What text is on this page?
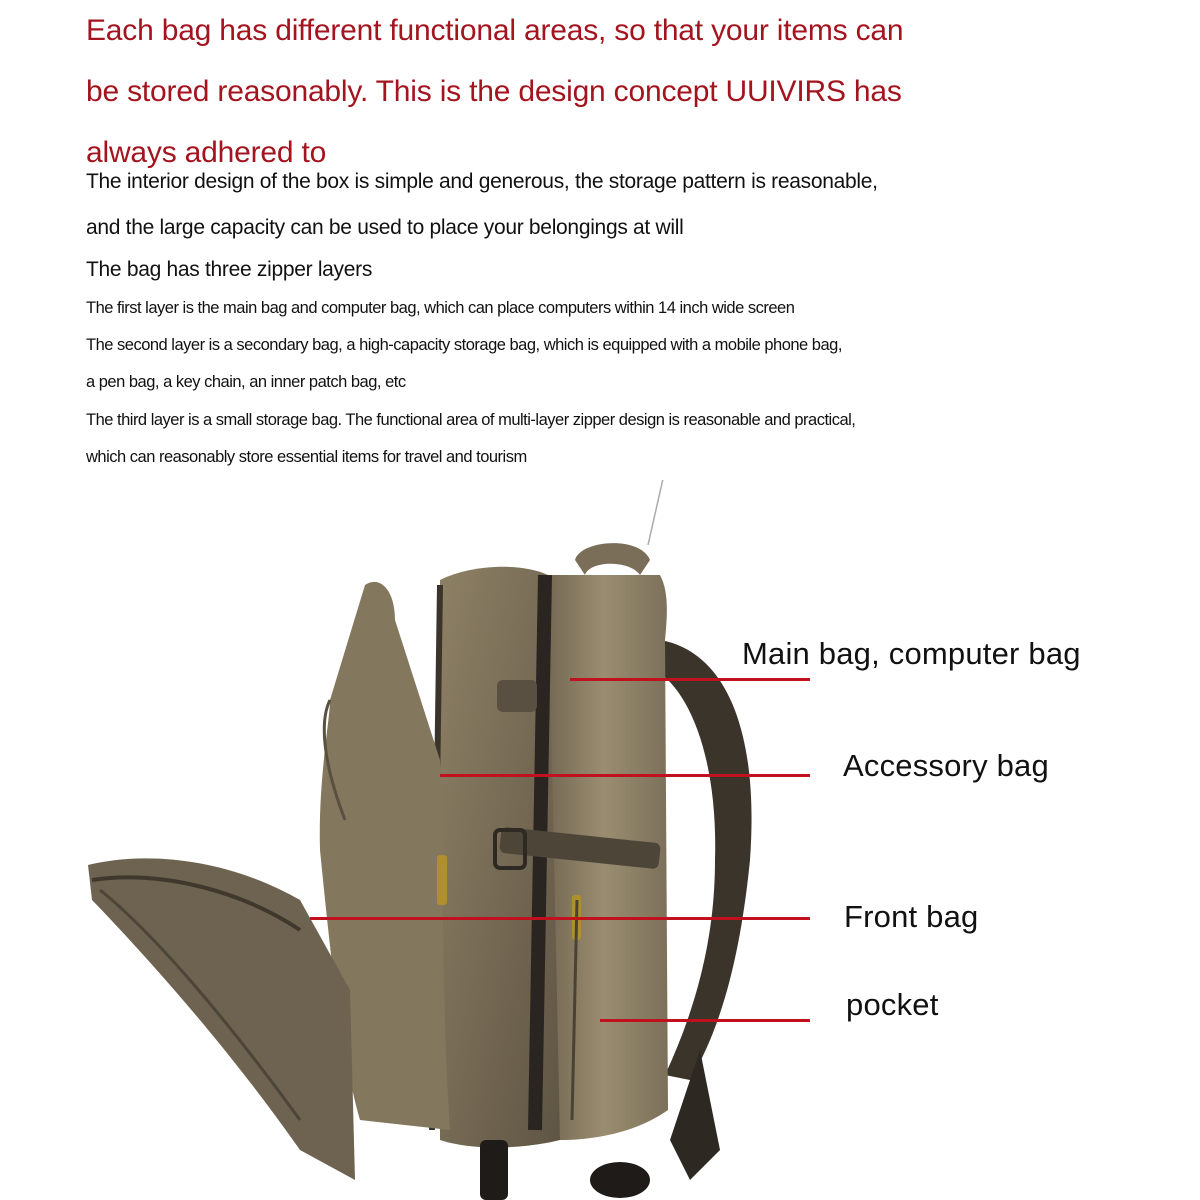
Each bag has different functional areas, so that your items can
be stored reasonably. This is the design concept UUIVIRS has
always adhered to
The interior design of the box is simple and generous, the storage pattern is reasonable,
and the large capacity can be used to place your belongings at will
The bag has three zipper layers
The first layer is the main bag and computer bag, which can place computers within 14 inch wide screen
The second layer is a secondary bag, a high-capacity storage bag, which is equipped with a mobile phone bag,
a pen bag, a key chain, an inner patch bag, etc
The third layer is a small storage bag. The functional area of multi-layer zipper design is reasonable and practical,
which can reasonably store essential items for travel and tourism
Main bag, computer bag
Accessory bag
Front bag
pocket
